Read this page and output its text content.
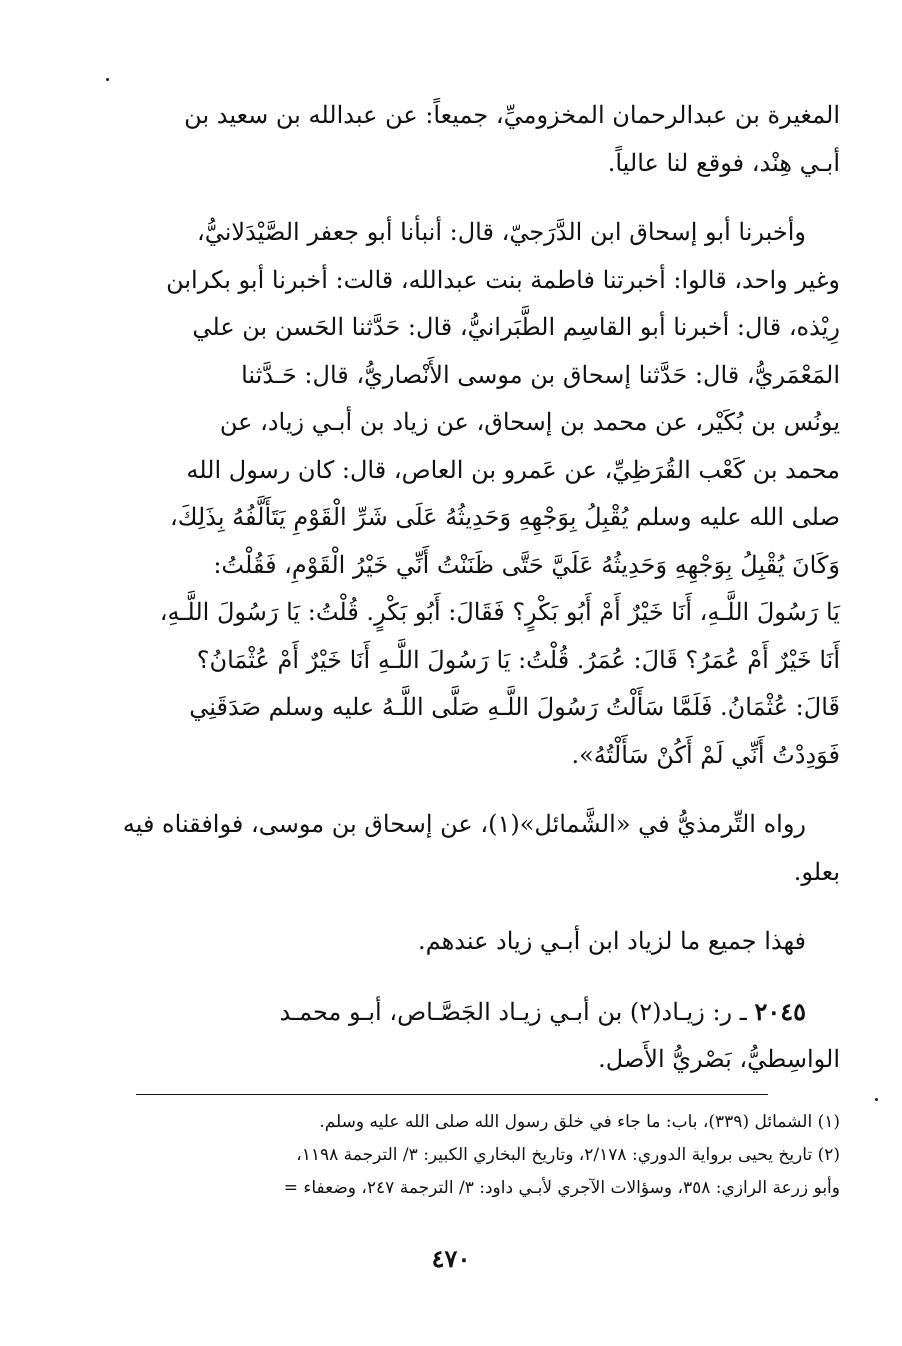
المغيرة بن عبدالرحمان المخزوميِّ، جميعاً: عن عبدالله بن سعيد بن
أبـي هِنْد، فوقع لنا عالياً.
وأخبرنا أبو إسحاق ابن الدَّرَجيّ، قال: أنبأنا أبو جعفر الصَّيْدَلانيُّ،
وغير واحد، قالوا: أخبرتنا فاطمة بنت عبدالله، قالت: أخبرنا أبو بكرابن
رِيْذه، قال: أخبرنا أبو القاسِم الطَّبَرانيُّ، قال: حَدَّثنا الحَسن بن علي
المَعْمَريُّ، قال: حَدَّثنا إسحاق بن موسى الأَنْصاريُّ، قال: حَـدَّثنا
يونُس بن بُكَيْر، عن محمد بن إسحاق، عن زياد بن أبـي زياد، عن
محمد بن كَعْب القُرَظِيِّ، عن عَمرو بن العاص، قال: كان رسول الله
صلى الله عليه وسلم يُقْبِلُ بِوَجْهِهِ وَحَدِيثُهُ عَلَى شَرِّ الْقَوْمِ يَتَأَلَّفُهُ بِذَلِكَ،
وَكَانَ يُقْبِلُ بِوَجْهِهِ وَحَدِيثُهُ عَلَيَّ حَتَّى ظَنَنْتُ أَنِّي خَيْرُ الْقَوْمِ، فَقُلْتُ:
يَا رَسُولَ اللَّـهِ، أَنَا خَيْرٌ أَمْ أَبُو بَكْرٍ؟ فَقَالَ: أَبُو بَكْرٍ. قُلْتُ: يَا رَسُولَ اللَّـهِ،
أَنَا خَيْرٌ أَمْ عُمَرُ؟ قَالَ: عُمَرُ. قُلْتُ: يَا رَسُولَ اللَّـهِ أَنَا خَيْرٌ أَمْ عُثْمَانُ؟
قَالَ: عُثْمَانُ. فَلَمَّا سَأَلْتُ رَسُولَ اللَّـهِ صَلَّى اللَّـهُ عليه وسلم صَدَقَنِي
فَوَدِدْتُ أَنِّي لَمْ أَكُنْ سَأَلْتُهُ».
رواه التِّرمذيُّ في «الشَّمائل»(١)، عن إسحاق بن موسى، فوافقناه فيه
بعلو.
فهذا جميع ما لزياد ابن أبـي زياد عندهم.
٢٠٤٥ ـ ر: زيـاد(٢) بن أبـي زيـاد الجَصَّـاص، أبـو محمـد
الواسِطيُّ، بَصْريُّ الأَصل.

(١) الشمائل (٣٣٩)، باب: ما جاء في خلق رسول الله صلى الله عليه وسلم.

(٢) تاريخ يحيى برواية الدوري: ٢/١٧٨، وتاريخ البخاري الكبير: ٣/ الترجمة ١١٩٨،

وأبو زرعة الرازي: ٣٥٨، وسؤالات الآجري لأبـي داود: ٣/ الترجمة ٢٤٧، وضعفاء =

٤٧٠
